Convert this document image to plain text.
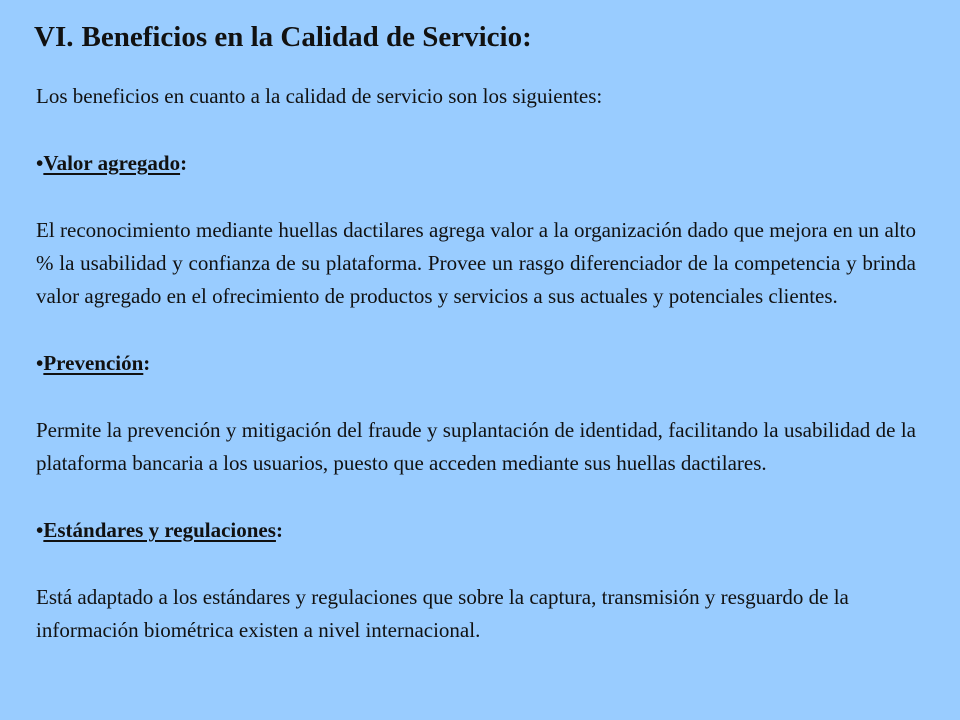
VI. Beneficios en la Calidad de Servicio:

Los beneficios en cuanto a la calidad de servicio son los siguientes:

•Valor agregado:

El reconocimiento mediante huellas dactilares agrega valor a la organización dado que mejora en un alto % la usabilidad y confianza de su plataforma. Provee un rasgo diferenciador de la competencia y brinda valor agregado en el ofrecimiento de productos y servicios a sus actuales y potenciales clientes.

•Prevención:

Permite la prevención y mitigación del fraude y suplantación de identidad, facilitando la usabilidad de la plataforma bancaria a los usuarios, puesto que acceden mediante sus huellas dactilares.

•Estándares y regulaciones:

Está adaptado a los estándares y regulaciones que sobre la captura, transmisión y resguardo de la información biométrica existen a nivel internacional.
